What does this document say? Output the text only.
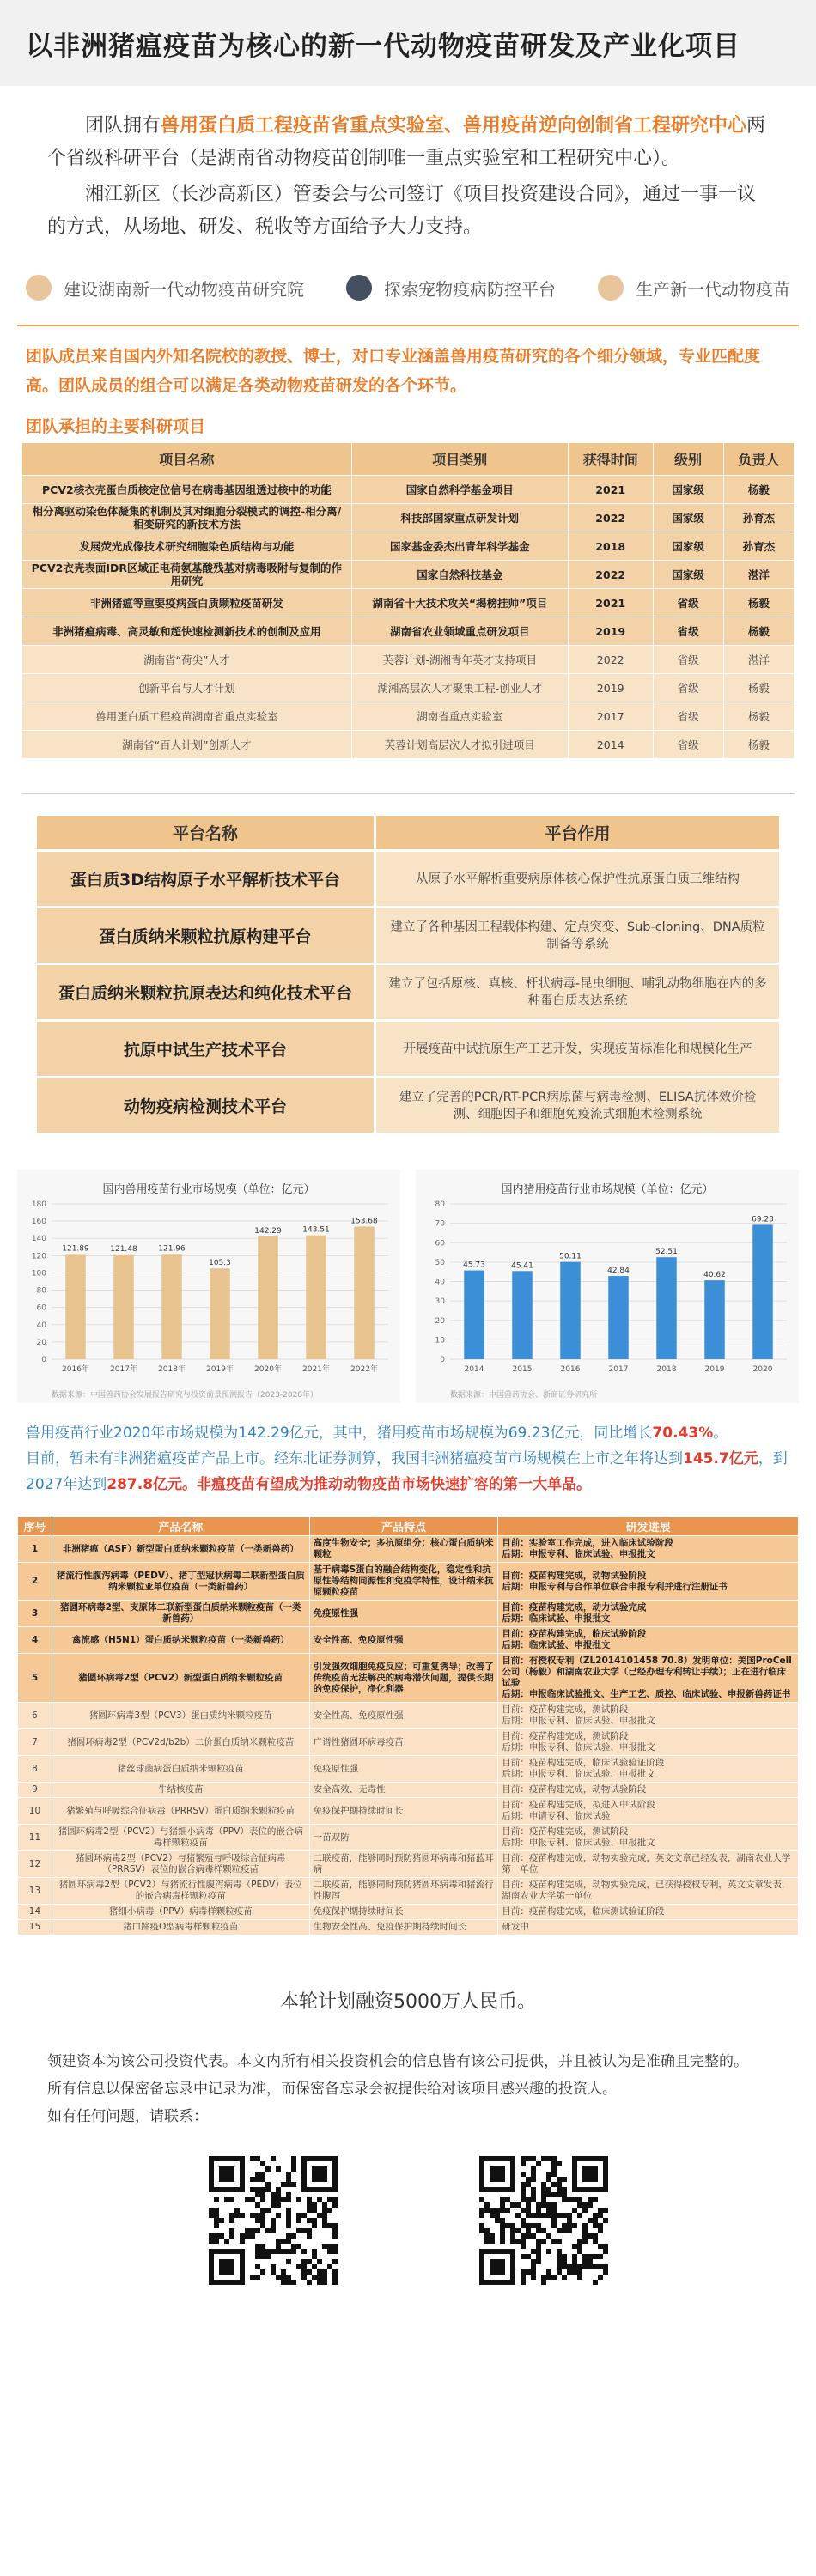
以非洲猪瘟疫苗为核心的新一代动物疫苗研发及产业化项目

团队拥有兽用蛋白质工程疫苗省重点实验室、兽用疫苗逆向创制省工程研究中心两个省级科研平台（是湖南省动物疫苗创制唯一重点实验室和工程研究中心）。

湘江新区（长沙高新区）管委会与公司签订《项目投资建设合同》，通过一事一议的方式，从场地、研发、税收等方面给予大力支持。

建设湖南新一代动物疫苗研究院	探索宠物疫病防控平台	生产新一代动物疫苗
团队成员来自国内外知名院校的教授、博士，对口专业涵盖兽用疫苗研究的各个细分领域，专业匹配度高。团队成员的组合可以满足各类动物疫苗研发的各个环节。
团队承担的主要科研项目
项目名称	项目类别	获得时间	级别	负责人
PCV2核衣壳蛋白质核定位信号在病毒基因组透过核中的功能	国家自然科学基金项目	2021	国家级	杨毅
相分离驱动染色体凝集的机制及其对细胞分裂模式的调控-相分离/相变研究的新技术方法	科技部国家重点研发计划	2022	国家级	孙育杰
发展荧光成像技术研究细胞染色质结构与功能	国家基金委杰出青年科学基金	2018	国家级	孙育杰
PCV2衣壳表面IDR区域正电荷氨基酸残基对病毒吸附与复制的作用研究	国家自然科技基金	2022	国家级	湛洋
非洲猪瘟等重要疫病蛋白质颗粒疫苗研发	湖南省十大技术攻关“揭榜挂帅”项目	2021	省级	杨毅
非洲猪瘟病毒、高灵敏和超快速检测新技术的创制及应用	湖南省农业领域重点研发项目	2019	省级	杨毅
湖南省“荷尖”人才	芙蓉计划-湖湘青年英才支持项目	2022	省级	湛洋
创新平台与人才计划	湖湘高层次人才聚集工程-创业人才	2019	省级	杨毅
兽用蛋白质工程疫苗湖南省重点实验室	湖南省重点实验室	2017	省级	杨毅
湖南省“百人计划”创新人才	芙蓉计划高层次人才拟引进项目	2014	省级	杨毅
平台名称	平台作用
蛋白质3D结构原子水平解析技术平台	从原子水平解析重要病原体核心保护性抗原蛋白质三维结构
蛋白质纳米颗粒抗原构建平台	建立了各种基因工程载体构建、定点突变、Sub-cloning、DNA质粒制备等系统
蛋白质纳米颗粒抗原表达和纯化技术平台	建立了包括原核、真核、杆状病毒-昆虫细胞、哺乳动物细胞在内的多种蛋白质表达系统
抗原中试生产技术平台	开展疫苗中试抗原生产工艺开发，实现疫苗标准化和规模化生产
动物疫病检测技术平台	建立了完善的PCR/RT-PCR病原菌与病毒检测、ELISA抗体效价检测、细胞因子和细胞免疫流式细胞术检测系统
国内兽用疫苗行业市场规模（单位：亿元）
0
20
40
60
80
100
120
140
160
180
121.89
2016年
121.48
2017年
121.96
2018年
105.3
2019年
142.29
2020年
143.51
2021年
153.68
2022年
数据来源：中国兽药协会发展报告研究与投资前景预测报告（2023-2028年）
国内猪用疫苗行业市场规模（单位：亿元）
0
10
20
30
40
50
60
70
80
45.73
2014
45.41
2015
50.11
2016
42.84
2017
52.51
2018
40.62
2019
69.23
2020
数据来源：中国兽药协会、浙商证券研究所

兽用疫苗行业2020年市场规模为142.29亿元，其中，猪用疫苗市场规模为69.23亿元，同比增长70.43%。

目前，暂未有非洲猪瘟疫苗产品上市。经东北证券测算，我国非洲猪瘟疫苗市场规模在上市之年将达到145.7亿元，到2027年达到287.8亿元。非瘟疫苗有望成为推动动物疫苗市场快速扩容的第一大单品。

序号	产品名称	产品特点	研发进展
1	非洲猪瘟（ASF）新型蛋白质纳米颗粒疫苗（一类新兽药）	高度生物安全；多抗原组分；核心蛋白质纳米颗粒	目前：实验室工作完成，进入临床试验阶段
后期：申报专利、临床试验、申报批文
2	猪流行性腹泻病毒（PEDV）、猪丁型冠状病毒二联新型蛋白质纳米颗粒亚单位疫苗（一类新兽药）	基于病毒S蛋白的融合结构变化，稳定性和抗原性等结构同源性和免疫学特性，设计纳米抗原颗粒疫苗	目前：疫苗构建完成，动物试验阶段
后期：申报专利与合作单位联合申报专利并进行注册证书
3	猪圆环病毒2型、支原体二联新型蛋白质纳米颗粒疫苗（一类新兽药）	免疫原性强	目前：疫苗构建完成，动力试验完成
后期：临床试验、申报批文
4	禽流感（H5N1）蛋白质纳米颗粒疫苗（一类新兽药）	安全性高、免疫原性强	目前：疫苗构建完成，临床试验阶段
后期：临床试验、申报批文
5	猪圆环病毒2型（PCV2）新型蛋白质纳米颗粒疫苗	引发强效细胞免疫反应；可重复诱导；改善了传统疫苗无法解决的病毒潜伏问题，提供长期的免疫保护，净化利器	目前：有授权专利（ZL2014101458 70.8）发明单位：美国ProCell公司（杨毅）和湖南农业大学（已经办理专利转让手续）；正在进行临床试验
后期：申报临床试验批文、生产工艺、质控、临床试验、申报新兽药证书
6	猪圆环病毒3型（PCV3）蛋白质纳米颗粒疫苗	安全性高、免疫原性强	目前：疫苗构建完成，测试阶段
后期：申报专利、临床试验、申报批文
7	猪圆环病毒2型（PCV2d/b2b）二价蛋白质纳米颗粒疫苗	广谱性猪圆环病毒疫苗	目前：疫苗构建完成，测试阶段
后期：申报专利、临床试验、申报批文
8	猪丝球菌病蛋白质纳米颗粒疫苗	免疫原性强	目前：疫苗构建完成，临床试验验证阶段
后期：申报专利、临床试验、申报批文
9	牛结核疫苗	安全高效、无毒性	目前：疫苗构建完成，动物试验阶段
10	猪繁殖与呼吸综合征病毒（PRRSV）蛋白质纳米颗粒疫苗	免疫保护期持续时间长	目前：疫苗构建完成，拟进入中试阶段
后期：申请专利、临床试验
11	猪圆环病毒2型（PCV2）与猪细小病毒（PPV）表位的嵌合病毒样颗粒疫苗	一苗双防	目前：疫苗构建完成，测试阶段
后期：申报专利、临床试验、申报批文
12	猪圆环病毒2型（PCV2）与猪繁殖与呼吸综合征病毒（PRRSV）表位的嵌合病毒样颗粒疫苗	二联疫苗，能够同时预防猪圆环病毒和猪蓝耳病	目前：疫苗构建完成，动物实验完成，英文文章已经发表，湖南农业大学第一单位
13	猪圆环病毒2型（PCV2）与猪流行性腹泻病毒（PEDV）表位的嵌合病毒样颗粒疫苗	二联疫苗，能够同时预防猪圆环病毒和猪流行性腹泻	目前：疫苗构建完成，动物实验完成，已获得授权专利，英文文章发表，湖南农业大学第一单位
14	猪细小病毒（PPV）病毒样颗粒疫苗	免疫保护期持续时间长	目前：疫苗构建完成，临床测试验证阶段
15	猪口蹄疫O型病毒样颗粒疫苗	生物安全性高、免疫保护期持续时间长	研发中
本轮计划融资5000万人民币。

领建资本为该公司投资代表。本文内所有相关投资机会的信息皆有该公司提供，并且被认为是准确且完整的。

所有信息以保密备忘录中记录为准，而保密备忘录会被提供给对该项目感兴趣的投资人。

如有任何问题，请联系：
